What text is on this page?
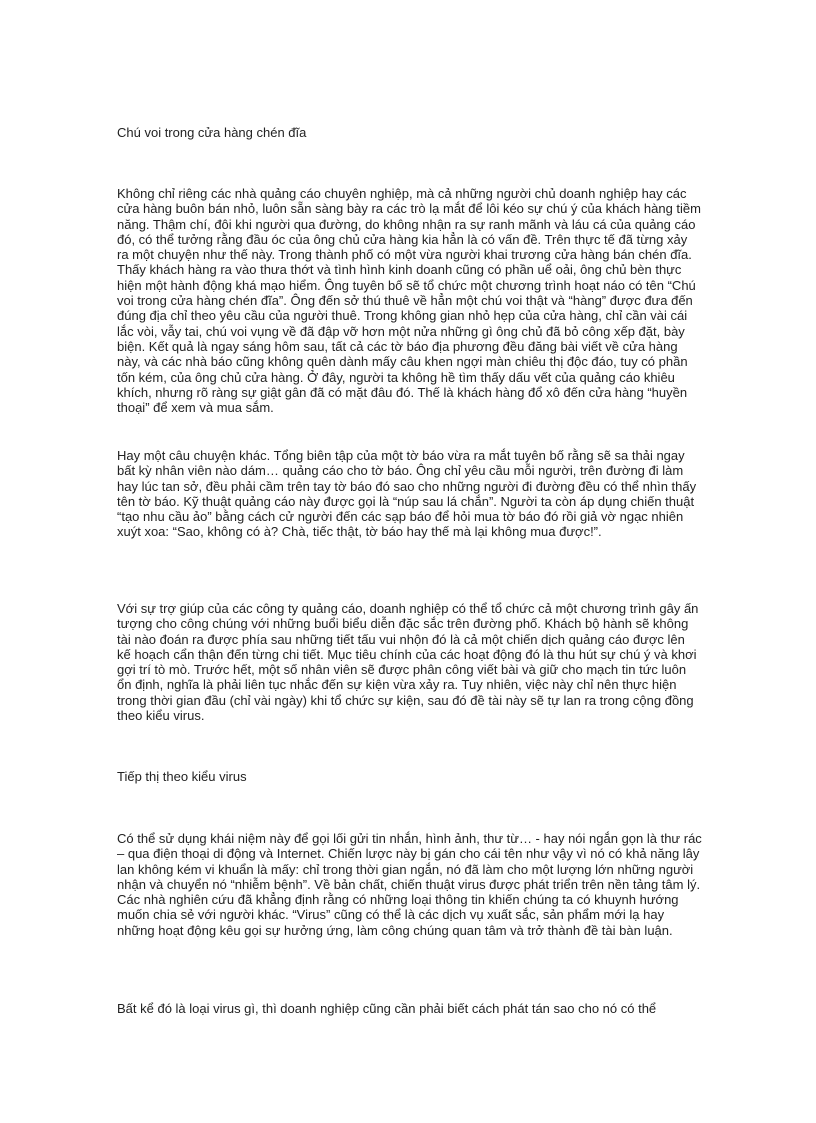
Chú voi trong cửa hàng chén đĩa

Không chỉ riêng các nhà quảng cáo chuyên nghiệp, mà cả những người chủ doanh nghiệp hay các cửa hàng buôn bán nhỏ, luôn sẵn sàng bày ra các trò lạ mắt để lôi kéo sự chú ý của khách hàng tiềm năng. Thậm chí, đôi khi người qua đường, do không nhận ra sự ranh mãnh và láu cá của quảng cáo đó, có thể tưởng rằng đầu óc của ông chủ cửa hàng kia hẳn là có vấn đề. Trên thực tế đã từng xảy ra một chuyện như thế này. Trong thành phố có một vừa người khai trương cửa hàng bán chén đĩa. Thấy khách hàng ra vào thưa thớt và tình hình kinh doanh cũng có phần uể oải, ông chủ bèn thực hiện một hành động khá mạo hiểm. Ông tuyên bố sẽ tổ chức một chương trình hoạt náo có tên “Chú voi trong cửa hàng chén đĩa”. Ông đến sở thú thuê về hẳn một chú voi thật và “hàng” được đưa đến đúng địa chỉ theo yêu cầu của người thuê. Trong không gian nhỏ hẹp của cửa hàng, chỉ cần vài cái lắc vòi, vẫy tai, chú voi vụng về đã đập vỡ hơn một nửa những gì ông chủ đã bỏ công xếp đặt, bày biện. Kết quả là ngay sáng hôm sau, tất cả các tờ báo địa phương đều đăng bài viết về cửa hàng này, và các nhà báo cũng không quên dành mấy câu khen ngợi màn chiêu thị độc đáo, tuy có phần tốn kém, của ông chủ cửa hàng. Ở đây, người ta không hề tìm thấy dấu vết của quảng cáo khiêu khích, nhưng rõ ràng sự giật gân đã có mặt đâu đó. Thế là khách hàng đổ xô đến cửa hàng “huyền thoại” để xem và mua sắm.

Hay một câu chuyện khác. Tổng biên tập của một tờ báo vừa ra mắt tuyên bố rằng sẽ sa thải ngay bất kỳ nhân viên nào dám… quảng cáo cho tờ báo. Ông chỉ yêu cầu mỗi người, trên đường đi làm hay lúc tan sở, đều phải cầm trên tay tờ báo đó sao cho những người đi đường đều có thể nhìn thấy tên tờ báo. Kỹ thuật quảng cáo này được gọi là “núp sau lá chắn”. Người ta còn áp dụng chiến thuật “tạo nhu cầu ảo” bằng cách cử người đến các sạp báo để hỏi mua tờ báo đó rồi giả vờ ngạc nhiên xuýt xoa: “Sao, không có à? Chà, tiếc thật, tờ báo hay thế mà lại không mua được!”.

Với sự trợ giúp của các công ty quảng cáo, doanh nghiệp có thể tổ chức cả một chương trình gây ấn tượng cho công chúng với những buổi biểu diễn đặc sắc trên đường phố. Khách bộ hành sẽ không tài nào đoán ra được phía sau những tiết tấu vui nhộn đó là cả một chiến dịch quảng cáo được lên kế hoạch cẩn thận đến từng chi tiết. Mục tiêu chính của các hoạt động đó là thu hút sự chú ý và khơi gợi trí tò mò. Trước hết, một số nhân viên sẽ được phân công viết bài và giữ cho mạch tin tức luôn ổn định, nghĩa là phải liên tục nhắc đến sự kiện vừa xảy ra. Tuy nhiên, việc này chỉ nên thực hiện trong thời gian đầu (chỉ vài ngày) khi tổ chức sự kiện, sau đó đề tài này sẽ tự lan ra trong cộng đồng theo kiểu virus.

Tiếp thị theo kiểu virus

Có thể sử dụng khái niệm này để gọi lối gửi tin nhắn, hình ảnh, thư từ… - hay nói ngắn gọn là thư rác – qua điện thoại di động và Internet. Chiến lược này bị gán cho cái tên như vậy vì nó có khả năng lây lan không kém vi khuẩn là mấy: chỉ trong thời gian ngắn, nó đã làm cho một lượng lớn những người nhận và chuyển nó “nhiễm bệnh”. Về bản chất, chiến thuật virus được phát triển trên nền tảng tâm lý. Các nhà nghiên cứu đã khẳng định rằng có những loại thông tin khiến chúng ta có khuynh hướng muốn chia sẻ với người khác. “Virus” cũng có thể là các dịch vụ xuất sắc, sản phẩm mới lạ hay những hoạt động kêu gọi sự hưởng ứng, làm công chúng quan tâm và trở thành đề tài bàn luận.

Bất kể đó là loại virus gì, thì doanh nghiệp cũng cần phải biết cách phát tán sao cho nó có thể
